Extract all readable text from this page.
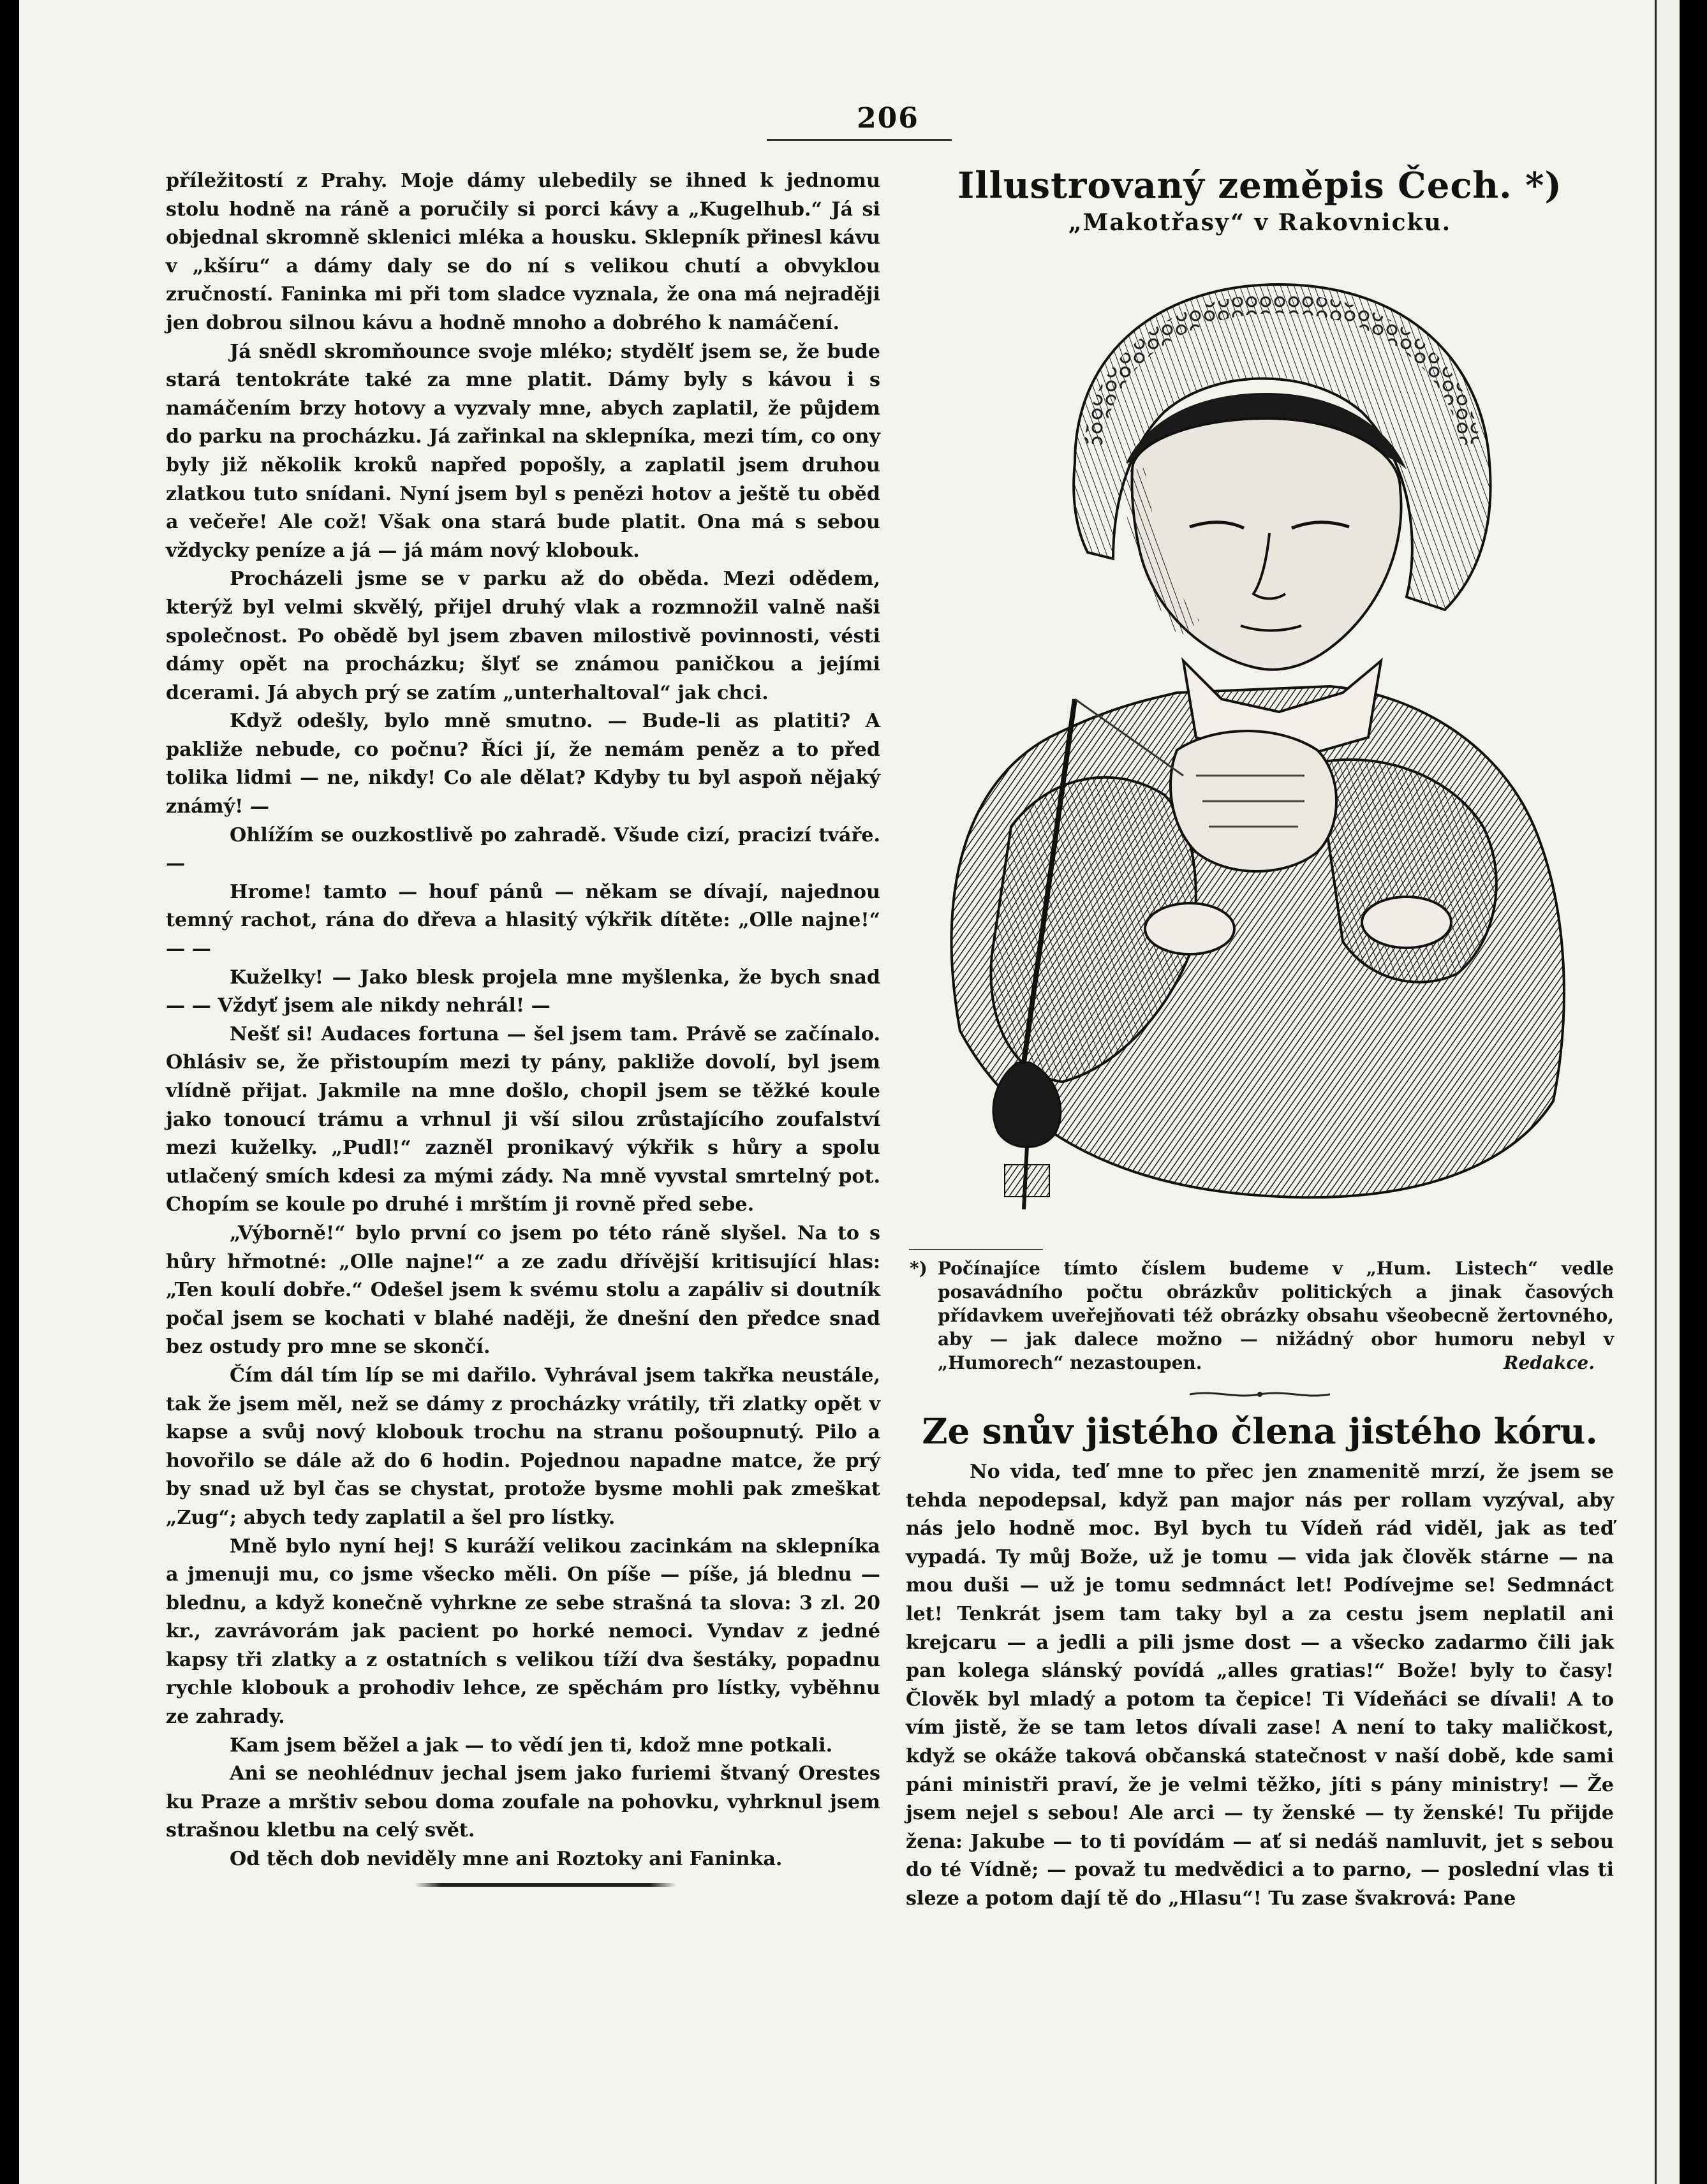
206

příležitostí z Prahy. Moje dámy ulebedily se ihned k jednomu stolu hodně na ráně a poručily si porci kávy a „Kugelhub.“ Já si objednal skromně sklenici mléka a housku. Sklepník přinesl kávu v „kšíru“ a dámy daly se do ní s velikou chutí a obvyklou zručností. Faninka mi při tom sladce vyznala, že ona má nejraději jen dobrou silnou kávu a hodně mnoho a dobrého k namáčení.

Já snědl skromňounce svoje mléko; stydělť jsem se, že bude stará tentokráte také za mne platit. Dámy byly s kávou i s namáčením brzy hotovy a vyzvaly mne, abych zaplatil, že půjdem do parku na procházku. Já zařinkal na sklepníka, mezi tím, co ony byly již několik kroků napřed popošly, a zaplatil jsem druhou zlatkou tuto snídani. Nyní jsem byl s penězi hotov a ještě tu oběd a večeře! Ale což! Však ona stará bude platit. Ona má s sebou vždycky peníze a já — já mám nový klobouk.

Procházeli jsme se v parku až do oběda. Mezi odědem, kterýž byl velmi skvělý, přijel druhý vlak a rozmnožil valně naši společnost. Po obědě byl jsem zbaven milostivě povinnosti, vésti dámy opět na procházku; šlyť se známou paničkou a jejími dcerami. Já abych prý se zatím „unterhaltoval“ jak chci.

Když odešly, bylo mně smutno. — Bude-li as platiti? A pakliže nebude, co počnu? Říci jí, že nemám peněz a to před tolika lidmi — ne, nikdy! Co ale dělat? Kdyby tu byl aspoň nějaký známý! —

Ohlížím se ouzkostlivě po zahradě. Všude cizí, pracizí tváře. —

Hrome! tamto — houf pánů — někam se dívají, najednou temný rachot, rána do dřeva a hlasitý výkřik dítěte: „Olle najne!“ — —

Kuželky! — Jako blesk projela mne myšlenka, že bych snad — — Vždyť jsem ale nikdy nehrál! —

Nešť si! Audaces fortuna — šel jsem tam. Právě se začínalo. Ohlásiv se, že přistoupím mezi ty pány, pakliže dovolí, byl jsem vlídně přijat. Jakmile na mne došlo, chopil jsem se těžké koule jako tonoucí trámu a vrhnul ji vší silou zrůstajícího zoufalství mezi kuželky. „Pudl!“ zazněl pronikavý výkřik s hůry a spolu utlačený smích kdesi za mými zády. Na mně vyvstal smrtelný pot. Chopím se koule po druhé i mrštím ji rovně před sebe.

„Výborně!“ bylo první co jsem po této ráně slyšel. Na to s hůry hřmotné: „Olle najne!“ a ze zadu dřívější kritisující hlas: „Ten koulí dobře.“ Odešel jsem k svému stolu a zapáliv si doutník počal jsem se kochati v blahé naději, že dnešní den předce snad bez ostudy pro mne se skončí.

Čím dál tím líp se mi dařilo. Vyhrával jsem takřka neustále, tak že jsem měl, než se dámy z procházky vrátily, tři zlatky opět v kapse a svůj nový klobouk trochu na stranu pošoupnutý. Pilo a hovořilo se dále až do 6 hodin. Pojednou napadne matce, že prý by snad už byl čas se chystat, protože bysme mohli pak zmeškat „Zug“; abych tedy zaplatil a šel pro lístky.

Mně bylo nyní hej! S kuráží velikou zacinkám na sklepníka a jmenuji mu, co jsme všecko měli. On píše — píše, já blednu — blednu, a když konečně vyhrkne ze sebe strašná ta slova: 3 zl. 20 kr., zavrávorám jak pacient po horké nemoci. Vyndav z jedné kapsy tři zlatky a z ostatních s velikou tíží dva šestáky, popadnu rychle klobouk a prohodiv lehce, ze spěchám pro lístky, vyběhnu ze zahrady.

Kam jsem běžel a jak — to vědí jen ti, kdož mne potkali.

Ani se neohlédnuv jechal jsem jako furiemi štvaný Orestes ku Praze a mrštiv sebou doma zoufale na pohovku, vyhrknul jsem strašnou kletbu na celý svět.

Od těch dob neviděly mne ani Roztoky ani Faninka.

Illustrovaný zeměpis Čech. *)
„Makotřasy“ v Rakovnicku.
*) Počínajíce tímto číslem budeme v „Hum. Listech“ vedle posavádního počtu obrázkův politických a jinak časových přídavkem uveřejňovati též obrázky obsahu všeobecně žertovného, aby — jak dalece možno — nižádný obor humoru nebyl v „Humorech“ nezastoupen.	Redakce.
Ze snův jistého člena jistého kóru.

No vida, teď mne to přec jen znamenitě mrzí, že jsem se tehda nepodepsal, když pan major nás per rollam vyzýval, aby nás jelo hodně moc. Byl bych tu Vídeň rád viděl, jak as teď vypadá. Ty můj Bože, už je tomu — vida jak člověk stárne — na mou duši — už je tomu sedmnáct let! Podívejme se! Sedmnáct let! Tenkrát jsem tam taky byl a za cestu jsem neplatil ani krejcaru — a jedli a pili jsme dost — a všecko zadarmo čili jak pan kolega slánský povídá „alles gratias!“ Bože! byly to časy! Člověk byl mladý a potom ta čepice! Ti Vídeňáci se dívali! A to vím jistě, že se tam letos dívali zase! A není to taky maličkost, když se okáže taková občanská statečnost v naší době, kde sami páni ministři praví, že je velmi těžko, jíti s pány ministry! — Že jsem nejel s sebou! Ale arci — ty ženské — ty ženské! Tu přijde žena: Jakube — to ti povídám — ať si nedáš namluvit, jet s sebou do té Vídně; — považ tu medvědici a to parno, — poslední vlas ti sleze a potom dají tě do „Hlasu“! Tu zase švakrová: Pane
